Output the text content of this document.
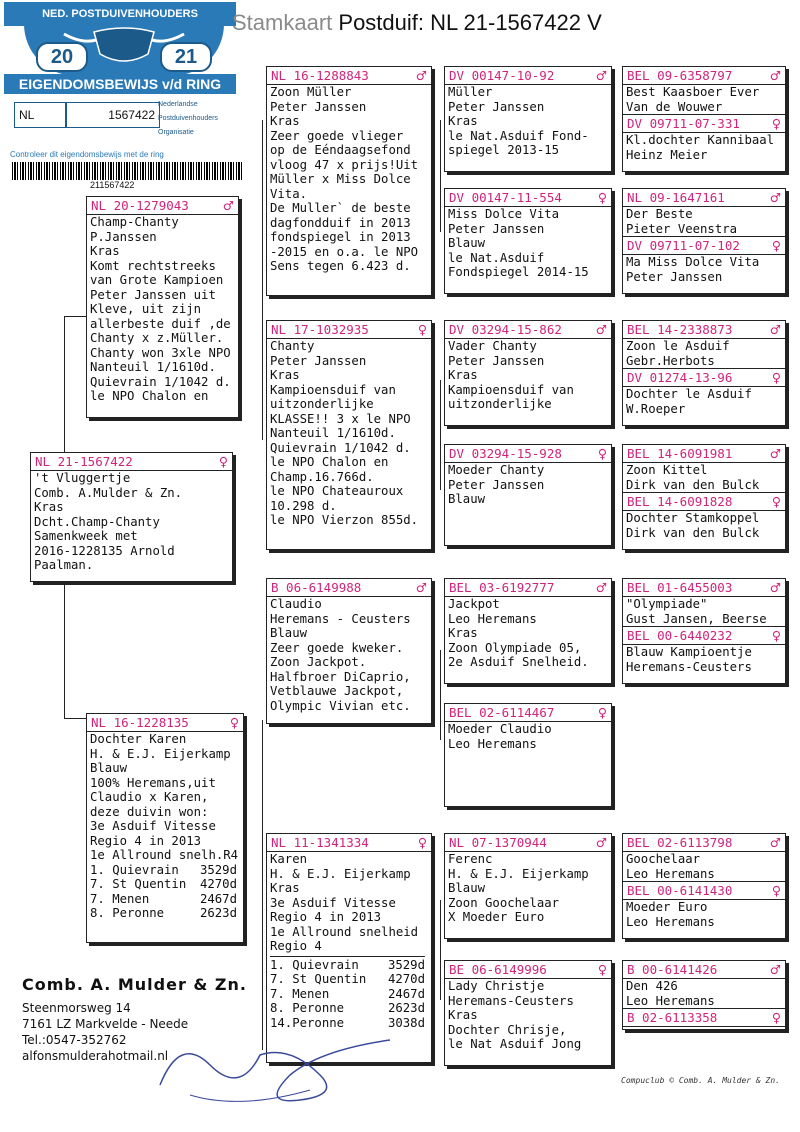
NED. POSTDUIVENHOUDERS
20	21
EIGENDOMSBEWIJS v/d RING
NL	1567422
Nederlandse
Postduivenhouders
Organisatie
Controleer dit eigendomsbewijs met de ring
211567422
Stamkaart Postduif: NL 21-1567422 V
NL 21-1567422	♀
't Vluggertje
Comb. A.Mulder & Zn.
Kras
Dcht.Champ-Chanty
Samenkweek met
2016-1228135 Arnold
Paalman.
NL 20-1279043	♂
Champ-Chanty
P.Janssen
Kras
Komt rechtstreeks
van Grote Kampioen
Peter Janssen uit
Kleve, uit zijn
allerbeste duif ,de
Chanty x z.Müller.
Chanty won 3xle NPO
Nanteuil 1/1610d.
Quievrain 1/1042 d.
le NPO Chalon en
NL 16-1228135	♀
Dochter Karen
H. & E.J. Eijerkamp
Blauw
100% Heremans,uit
Claudio x Karen,
deze duivin won:
3e Asduif Vitesse
Regio 4 in 2013
1e Allround snelh.R4
1. Quievrain	3529d
7. St Quentin	4270d
7. Menen	2467d
8. Peronne	2623d
NL 16-1288843	♂
Zoon Müller
Peter Janssen
Kras
Zeer goede vlieger
op de Eéndaagsefond
vloog 47 x prijs!Uit
Müller x Miss Dolce
Vita.
De Muller` de beste
dagfondduif in 2013
fondspiegel in 2013
-2015 en o.a. le NPO
Sens tegen 6.423 d.
NL 17-1032935	♀
Chanty
Peter Janssen
Kras
Kampioensduif van
uitzonderlijke
KLASSE!! 3 x le NPO
Nanteuil 1/1610d.
Quievrain 1/1042 d.
le NPO Chalon en
Champ.16.766d.
le NPO Chateauroux
10.298 d.
le NPO Vierzon 855d.
B 06-6149988	♂
Claudio
Heremans - Ceusters
Blauw
Zeer goede kweker.
Zoon Jackpot.
Halfbroer DiCaprio,
Vetblauwe Jackpot,
Olympic Vivian etc.
NL 11-1341334	♀
Karen
H. & E.J. Eijerkamp
Kras
3e Asduif Vitesse
Regio 4 in 2013
1e Allround snelheid
Regio 4
1. Quievrain	3529d
7. St Quentin	4270d
7. Menen	2467d
8. Peronne	2623d
14.Peronne	3038d
DV 00147-10-92	♂
Müller
Peter Janssen
Kras
le Nat.Asduif Fond-
spiegel 2013-15
DV 00147-11-554	♀
Miss Dolce Vita
Peter Janssen
Blauw
le Nat.Asduif
Fondspiegel 2014-15
DV 03294-15-862	♂
Vader Chanty
Peter Janssen
Kras
Kampioensduif van
uitzonderlijke
DV 03294-15-928	♀
Moeder Chanty
Peter Janssen
Blauw
BEL 03-6192777	♂
Jackpot
Leo Heremans
Kras
Zoon Olympiade 05,
2e Asduif Snelheid.
BEL 02-6114467	♀
Moeder Claudio
Leo Heremans
NL 07-1370944	♂
Ferenc
H. & E.J. Eijerkamp
Blauw
Zoon Goochelaar
X Moeder Euro
BE 06-6149996	♀
Lady Christje
Heremans-Ceusters
Kras
Dochter Chrisje,
le Nat Asduif Jong
BEL 09-6358797	♂
Best Kaasboer Ever
Van de Wouwer
DV 09711-07-331	♀
Kl.dochter Kannibaal
Heinz Meier
NL 09-1647161	♂
Der Beste
Pieter Veenstra
DV 09711-07-102	♀
Ma Miss Dolce Vita
Peter Janssen
BEL 14-2338873	♂
Zoon le Asduif
Gebr.Herbots
DV 01274-13-96	♀
Dochter le Asduif
W.Roeper
BEL 14-6091981	♂
Zoon Kittel
Dirk van den Bulck
BEL 14-6091828	♀
Dochter Stamkoppel
Dirk van den Bulck
BEL 01-6455003	♂
"Olympiade"
Gust Jansen, Beerse
BEL 00-6440232	♀
Blauw Kampioentje
Heremans-Ceusters
BEL 02-6113798	♂
Goochelaar
Leo Heremans
BEL 00-6141430	♀
Moeder Euro
Leo Heremans
B 00-6141426	♂
Den 426
Leo Heremans
B 02-6113358	♀
Comb. A. Mulder & Zn.
Steenmorsweg 14
7161 LZ Markvelde - Neede
Tel.:0547-352762
alfonsmulderahotmail.nl
Compuclub © Comb. A. Mulder & Zn.
